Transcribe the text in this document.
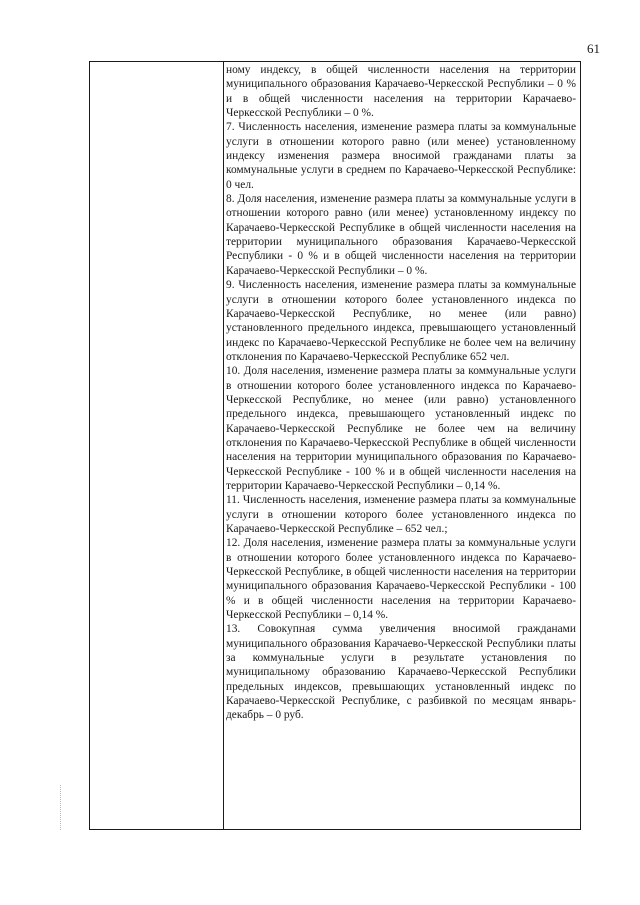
61

ному индексу, в общей численности населения на территории муниципального образования Карачаево-Черкесской Республики – 0 % и в общей численности населения на территории Карачаево-Черкесской Республики – 0 %.

7. Численность населения, изменение размера платы за коммунальные услуги в отношении которого равно (или менее) установленному индексу изменения размера вносимой гражданами платы за коммунальные услуги в среднем по Карачаево-Черкесской Республике: 0 чел.

8. Доля населения, изменение размера платы за коммунальные услуги в отношении которого равно (или менее) установленному индексу по Карачаево-Черкесской Республике в общей численности населения на территории муниципального образования Карачаево-Черкесской Республики - 0 % и в общей численности населения на территории Карачаево-Черкесской Республики – 0 %.

9. Численность населения, изменение размера платы за коммунальные услуги в отношении которого более установленного индекса по Карачаево-Черкесской Республике, но менее (или равно) установленного предельного индекса, превышающего установленный индекс по Карачаево-Черкесской Республике не более чем на величину отклонения по Карачаево-Черкесской Республике 652 чел.

10. Доля населения, изменение размера платы за коммунальные услуги в отношении которого более установленного индекса по Карачаево-Черкесской Республике, но менее (или равно) установленного предельного индекса, превышающего установленный индекс по Карачаево-Черкесской Республике не более чем на величину отклонения по Карачаево-Черкесской Республике в общей численности населения на территории муниципального образования по Карачаево-Черкесской Республике - 100 % и в общей численности населения на территории Карачаево-Черкесской Республики – 0,14 %.

11. Численность населения, изменение размера платы за коммунальные услуги в отношении которого более установленного индекса по Карачаево-Черкесской Республике – 652 чел.;

12. Доля населения, изменение размера платы за коммунальные услуги в отношении которого более установленного индекса по Карачаево-Черкесской Республике, в общей численности населения на территории муниципального образования Карачаево-Черкесской Республики - 100 % и в общей численности населения на территории Карачаево-Черкесской Республики – 0,14 %.

13. Совокупная сумма увеличения вносимой гражданами муниципального образования Карачаево-Черкесской Республики платы за коммунальные услуги в результате установления по муниципальному образованию Карачаево-Черкесской Республики предельных индексов, превышающих установленный индекс по Карачаево-Черкесской Республике, с разбивкой по месяцам январь-декабрь – 0 руб.
